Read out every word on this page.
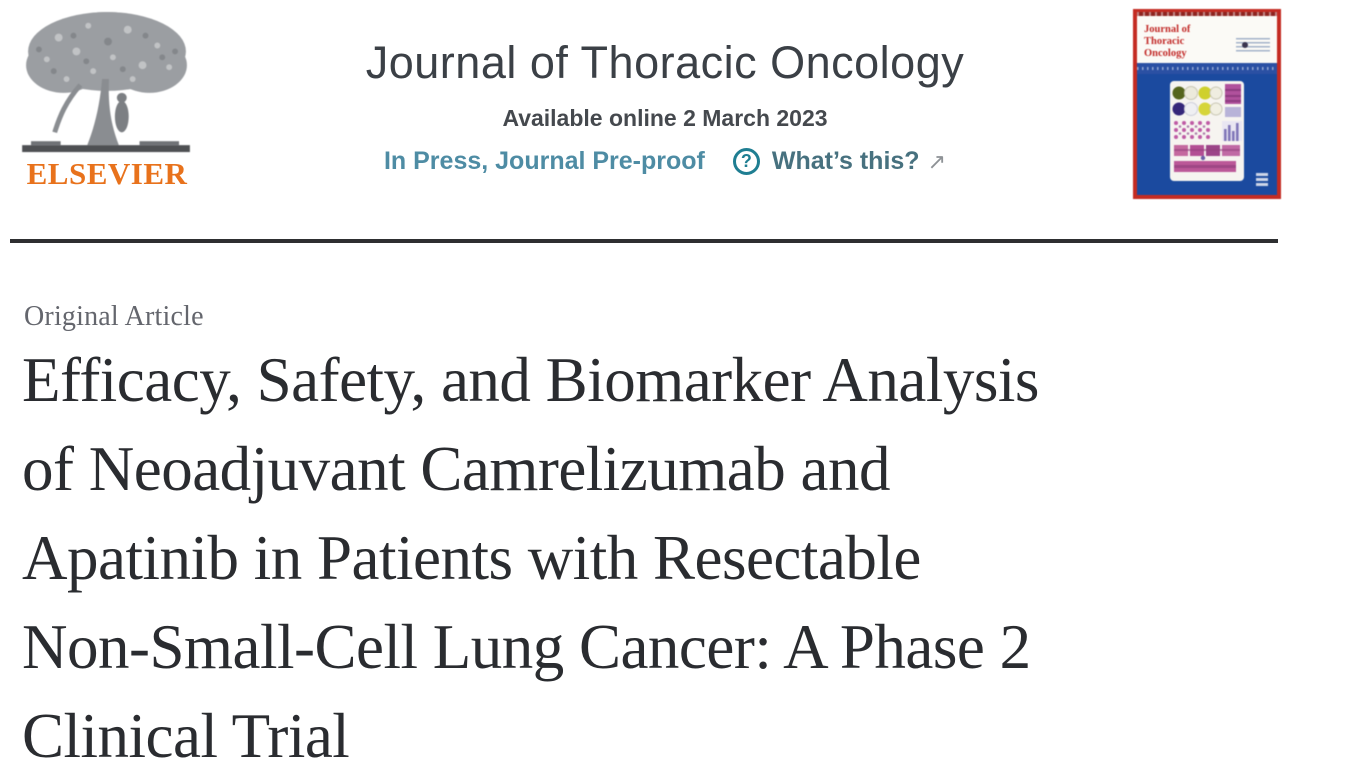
ELSEVIER
Journal of Thoracic Oncology
Available online 2 March 2023
In Press, Journal Pre-proof	? What’s this? ↗
Journal of
Thoracic
Oncology
Original Article
Efficacy, Safety, and Biomarker Analysis
of Neoadjuvant Camrelizumab and
Apatinib in Patients with Resectable
Non-Small-Cell Lung Cancer: A Phase 2
Clinical Trial
